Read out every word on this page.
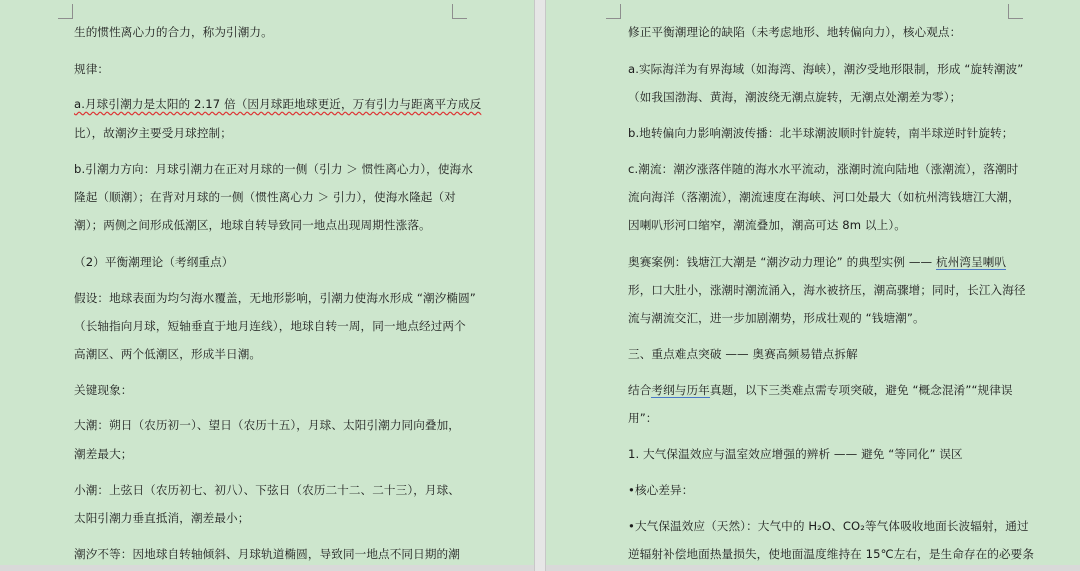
生的惯性离心力的合力，称为引潮力。
规律：
a.月球引潮力是太阳的 2.17 倍（因月球距地球更近，万有引力与距离平方成反
比），故潮汐主要受月球控制；
b.引潮力方向：月球引潮力在正对月球的一侧（引力 ＞ 惯性离心力），使海水
隆起（顺潮）；在背对月球的一侧（惯性离心力 ＞ 引力），使海水隆起（对
潮）；两侧之间形成低潮区，地球自转导致同一地点出现周期性涨落。
（2）平衡潮理论（考纲重点）
假设：地球表面为均匀海水覆盖，无地形影响，引潮力使海水形成 “潮汐椭圆”
（长轴指向月球，短轴垂直于地月连线），地球自转一周，同一地点经过两个
高潮区、两个低潮区，形成半日潮。
关键现象：
大潮：朔日（农历初一）、望日（农历十五），月球、太阳引潮力同向叠加，
潮差最大；
小潮：上弦日（农历初七、初八）、下弦日（农历二十二、二十三），月球、
太阳引潮力垂直抵消，潮差最小；
潮汐不等：因地球自转轴倾斜、月球轨道椭圆，导致同一地点不同日期的潮
修正平衡潮理论的缺陷（未考虑地形、地转偏向力），核心观点：
a.实际海洋为有界海域（如海湾、海峡），潮汐受地形限制，形成 “旋转潮波”
（如我国渤海、黄海，潮波绕无潮点旋转，无潮点处潮差为零）；
b.地转偏向力影响潮波传播：北半球潮波顺时针旋转，南半球逆时针旋转；
c.潮流：潮汐涨落伴随的海水水平流动，涨潮时流向陆地（涨潮流），落潮时
流向海洋（落潮流），潮流速度在海峡、河口处最大（如杭州湾钱塘江大潮，
因喇叭形河口缩窄，潮流叠加，潮高可达 8m 以上）。
奥赛案例：钱塘江大潮是 “潮汐动力理论” 的典型实例 —— 杭州湾呈喇叭
形，口大肚小，涨潮时潮流涌入，海水被挤压，潮高骤增；同时，长江入海径
流与潮流交汇，进一步加剧潮势，形成壮观的 “钱塘潮”。
三、重点难点突破 —— 奥赛高频易错点拆解
结合考纲与历年真题，以下三类难点需专项突破，避免 “概念混淆”“规律误
用”：
1. 大气保温效应与温室效应增强的辨析 —— 避免 “等同化” 误区
•核心差异：
•大气保温效应（天然）：大气中的 H₂O、CO₂等气体吸收地面长波辐射，通过
逆辐射补偿地面热量损失，使地面温度维持在 15℃左右，是生命存在的必要条
